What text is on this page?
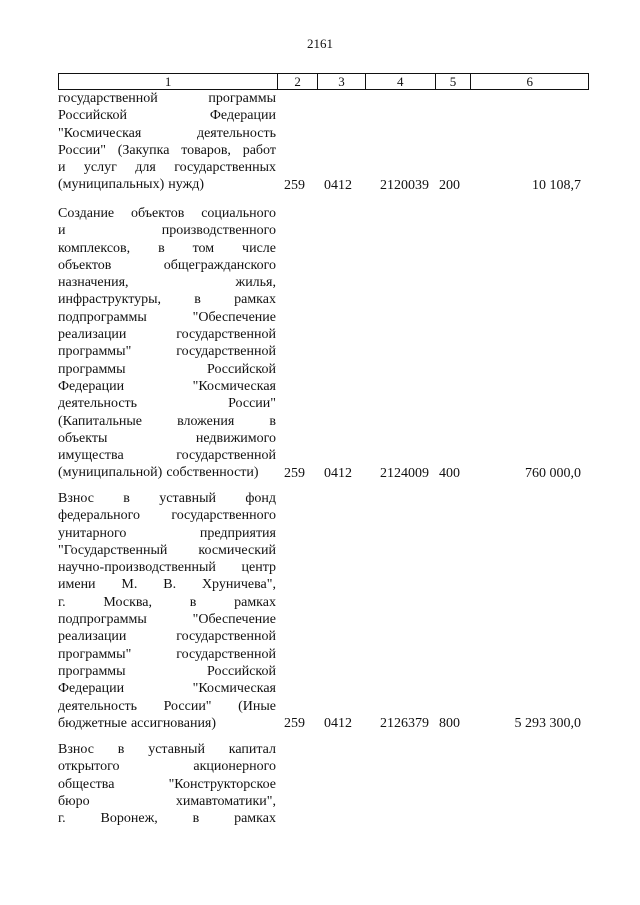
2161
1	2	3	4	5	6
государственной	программы
Российской	Федерации
"Космическая	деятельность
России" (Закупка товаров, работ
и услуг для государственных
(муниципальных) нужд)	259 0412 2120039 200	10 108,7
Создание объектов социального
и	производственного
комплексов, в том числе
объектов	общегражданского
назначения,	жилья,
инфраструктуры, в рамках
подпрограммы	"Обеспечение
реализации	государственной
программы"	государственной
программы	Российской
Федерации	"Космическая
деятельность	России"
(Капитальные	вложения	в
объекты	недвижимого
имущества	государственной
(муниципальной) собственности) 259 0412 2124009 400	760 000,0
Взнос в уставный фонд
федерального государственного
унитарного	предприятия
"Государственный космический
научно-производственный центр
имени М. В. Хруничева",
г.	Москва,	в	рамках
подпрограммы	"Обеспечение
реализации	государственной
программы"	государственной
программы	Российской
Федерации	"Космическая
деятельность России" (Иные
бюджетные ассигнования)	259 0412 2126379 800	5 293 300,0
Взнос в уставный капитал
открытого	акционерного
общества	"Конструкторское
бюро	химавтоматики",
г. Воронеж, в рамках
